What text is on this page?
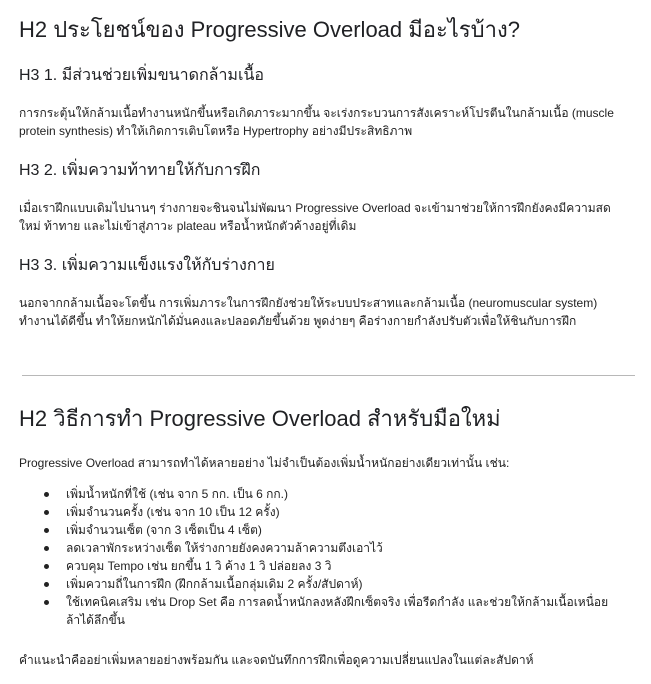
H2 ประโยชน์ของ Progressive Overload มีอะไรบ้าง?
H3 1. มีส่วนช่วยเพิ่มขนาดกล้ามเนื้อ

การกระตุ้นให้กล้ามเนื้อทำงานหนักขึ้นหรือเกิดภาระมากขึ้น จะเร่งกระบวนการสังเคราะห์โปรตีนในกล้ามเนื้อ (muscle protein synthesis) ทำให้เกิดการเติบโตหรือ Hypertrophy อย่างมีประสิทธิภาพ

H3 2. เพิ่มความท้าทายให้กับการฝึก

เมื่อเราฝึกแบบเดิมไปนานๆ ร่างกายจะชินจนไม่พัฒนา Progressive Overload จะเข้ามาช่วยให้การฝึกยังคงมีความสดใหม่ ท้าทาย และไม่เข้าสู่ภาวะ plateau หรือน้ำหนักตัวค้างอยู่ที่เดิม

H3 3. เพิ่มความแข็งแรงให้กับร่างกาย

นอกจากกล้ามเนื้อจะโตขึ้น การเพิ่มภาระในการฝึกยังช่วยให้ระบบประสาทและกล้ามเนื้อ (neuromuscular system) ทำงานได้ดีขึ้น ทำให้ยกหนักได้มั่นคงและปลอดภัยขึ้นด้วย พูดง่ายๆ คือร่างกายกำลังปรับตัวเพื่อให้ชินกับการฝึก

H2 วิธีการทำ Progressive Overload สำหรับมือใหม่

Progressive Overload สามารถทำได้หลายอย่าง ไม่จำเป็นต้องเพิ่มน้ำหนักอย่างเดียวเท่านั้น เช่น:

เพิ่มน้ำหนักที่ใช้ (เช่น จาก 5 กก. เป็น 6 กก.)
เพิ่มจำนวนครั้ง (เช่น จาก 10 เป็น 12 ครั้ง)
เพิ่มจำนวนเซ็ต (จาก 3 เซ็ตเป็น 4 เซ็ต)
ลดเวลาพักระหว่างเซ็ต ให้ร่างกายยังคงความล้าความตึงเอาไว้
ควบคุม Tempo เช่น ยกขึ้น 1 วิ ค้าง 1 วิ ปล่อยลง 3 วิ
เพิ่มความถี่ในการฝึก (ฝึกกล้ามเนื้อกลุ่มเดิม 2 ครั้ง/สัปดาห์)
ใช้เทคนิคเสริม เช่น Drop Set คือ การลดน้ำหนักลงหลังฝึกเซ็ตจริง เพื่อรีดกำลัง และช่วยให้กล้ามเนื้อเหนื่อยล้าได้ลึกขึ้น

คำแนะนำคืออย่าเพิ่มหลายอย่างพร้อมกัน และจดบันทึกการฝึกเพื่อดูความเปลี่ยนแปลงในแต่ละสัปดาห์
